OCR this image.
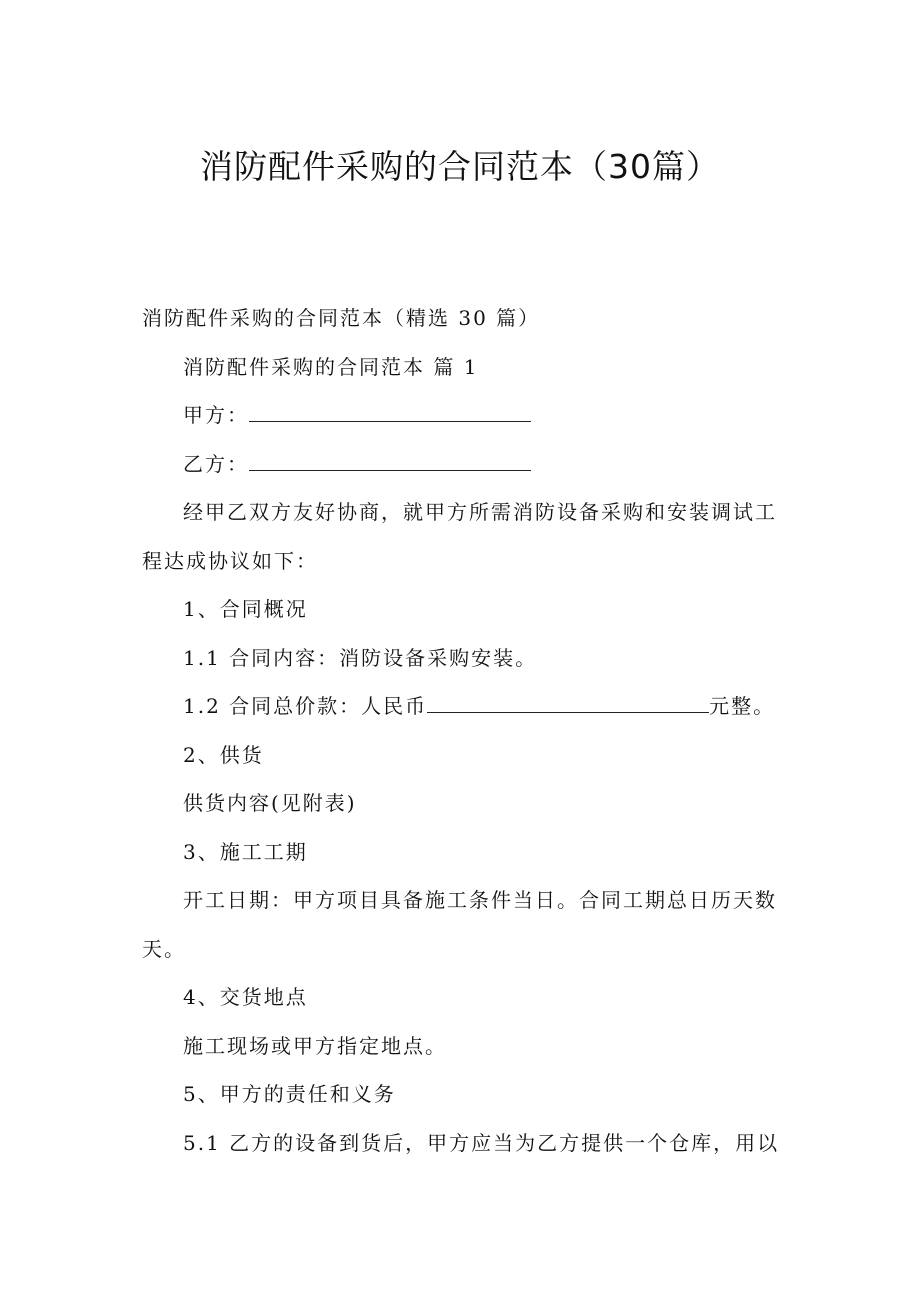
消防配件采购的合同范本（30篇）
消防配件采购的合同范本（精选 30 篇）
消防配件采购的合同范本 篇 1
甲方：
乙方：
经甲乙双方友好协商，就甲方所需消防设备采购和安装调试工
程达成协议如下：
1、合同概况
1.1 合同内容：消防设备采购安装。
1.2 合同总价款：人民币	元整。
2、供货
供货内容(见附表)
3、施工工期
开工日期：甲方项目具备施工条件当日。合同工期总日历天数
天。
4、交货地点
施工现场或甲方指定地点。
5、甲方的责任和义务
5.1 乙方的设备到货后，甲方应当为乙方提供一个仓库，用以
